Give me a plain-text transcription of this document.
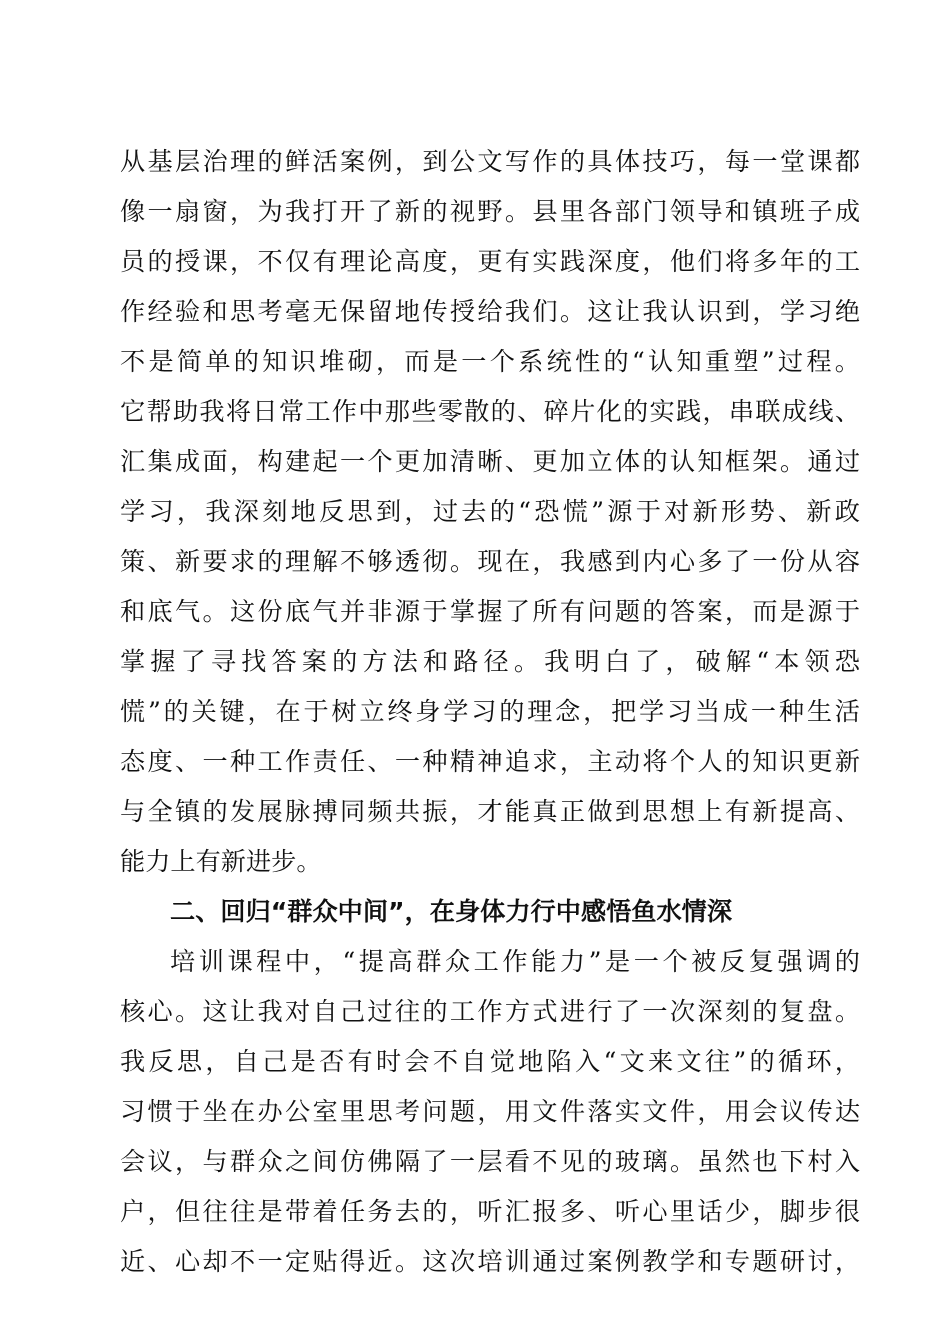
从基层治理的鲜活案例，到公文写作的具体技巧，每一堂课都
像一扇窗，为我打开了新的视野。县里各部门领导和镇班子成
员的授课，不仅有理论高度，更有实践深度，他们将多年的工
作经验和思考毫无保留地传授给我们。这让我认识到，学习绝
不是简单的知识堆砌，而是一个系统性的“认知重塑”过程。
它帮助我将日常工作中那些零散的、碎片化的实践，串联成线、
汇集成面，构建起一个更加清晰、更加立体的认知框架。通过
学习，我深刻地反思到，过去的“恐慌”源于对新形势、新政
策、新要求的理解不够透彻。现在，我感到内心多了一份从容
和底气。这份底气并非源于掌握了所有问题的答案，而是源于
掌握了寻找答案的方法和路径。我明白了，破解“本领恐
慌”的关键，在于树立终身学习的理念，把学习当成一种生活
态度、一种工作责任、一种精神追求，主动将个人的知识更新
与全镇的发展脉搏同频共振，才能真正做到思想上有新提高、
能力上有新进步。
二、回归“群众中间”，在身体力行中感悟鱼水情深
培训课程中，“提高群众工作能力”是一个被反复强调的
核心。这让我对自己过往的工作方式进行了一次深刻的复盘。
我反思，自己是否有时会不自觉地陷入“文来文往”的循环，
习惯于坐在办公室里思考问题，用文件落实文件，用会议传达
会议，与群众之间仿佛隔了一层看不见的玻璃。虽然也下村入
户，但往往是带着任务去的，听汇报多、听心里话少，脚步很
近、心却不一定贴得近。这次培训通过案例教学和专题研讨，
